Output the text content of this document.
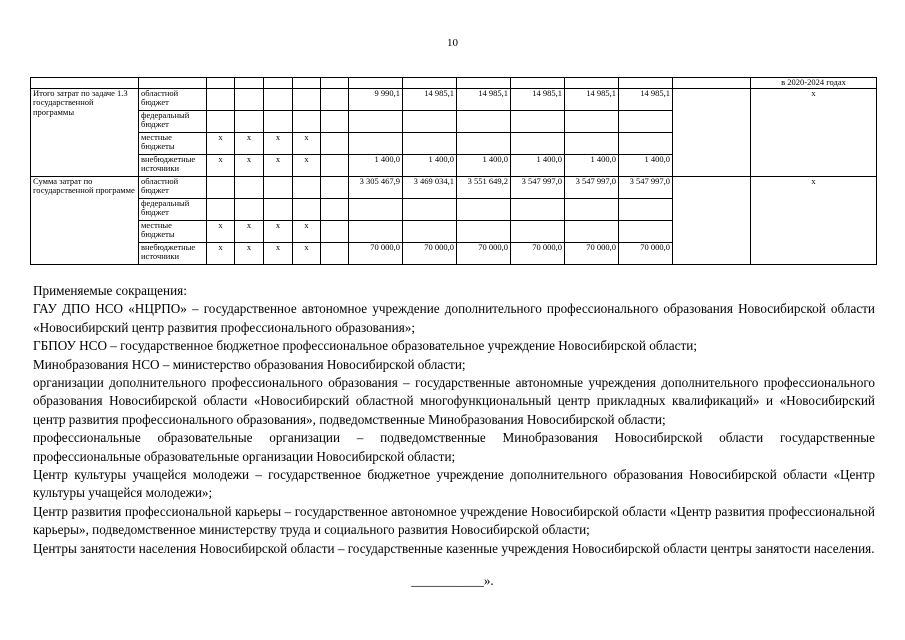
10
														в 2020-2024 годах
Итого затрат по задаче 1.3 государственной программы	областной бюджет						9 990,1	14 985,1	14 985,1	14 985,1	14 985,1	14 985,1		x
	федеральный бюджет													
	местные бюджеты	x	x	x	x									
	внебюджетные источники	x	x	x	x		1 400,0	1 400,0	1 400,0	1 400,0	1 400,0	1 400,0		
Сумма затрат по государственной программе	областной бюджет						3 305 467,9	3 469 034,1	3 551 649,2	3 547 997,0	3 547 997,0	3 547 997,0		x
	федеральный бюджет													
	местные бюджеты	x	x	x	x									
	внебюджетные источники	x	x	x	x		70 000,0	70 000,0	70 000,0	70 000,0	70 000,0	70 000,0		

Применяемые сокращения:

ГАУ ДПО НСО «НЦРПО» – государственное автономное учреждение дополнительного профессионального образования Новосибирской области «Новосибирский центр развития профессионального образования»;

ГБПОУ НСО – государственное бюджетное профессиональное образовательное учреждение Новосибирской области;

Минобразования НСО – министерство образования Новосибирской области;

организации дополнительного профессионального образования – государственные автономные учреждения дополнительного профессионального образования Новосибирской области «Новосибирский областной многофункциональный центр прикладных квалификаций» и «Новосибирский центр развития профессионального образования», подведомственные Минобразования Новосибирской области;

профессиональные образовательные организации – подведомственные Минобразования Новосибирской области государственные профессиональные образовательные организации Новосибирской области;

Центр культуры учащейся молодежи – государственное бюджетное учреждение дополнительного образования Новосибирской области «Центр культуры учащейся молодежи»;

Центр развития профессиональной карьеры – государственное автономное учреждение Новосибирской области «Центр развития профессиональной карьеры», подведомственное министерству труда и социального развития Новосибирской области;

Центры занятости населения Новосибирской области – государственные казенные учреждения Новосибирской области центры занятости населения.

___________».
